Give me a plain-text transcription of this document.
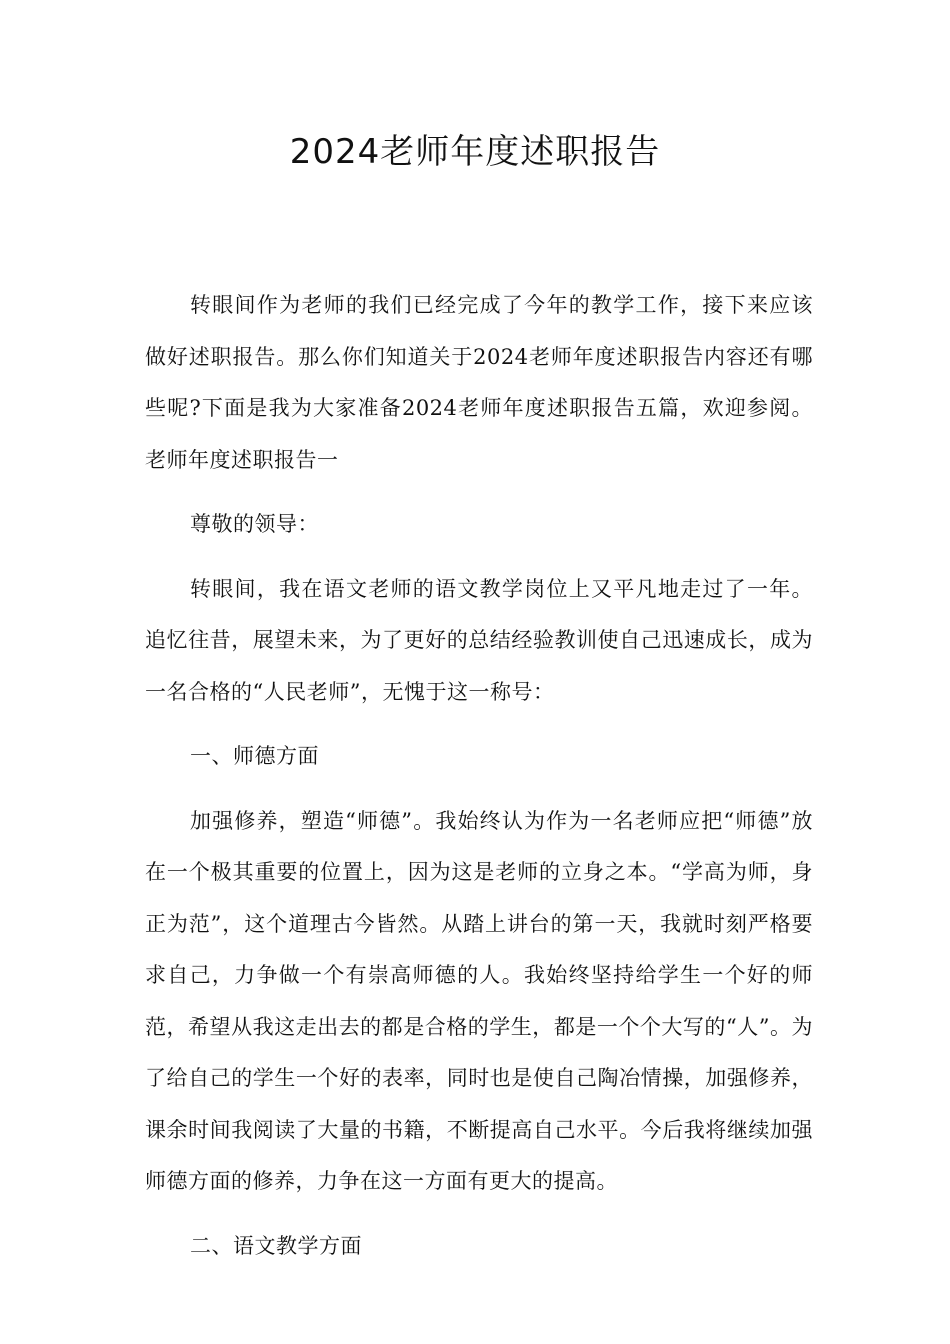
2024老师年度述职报告

转眼间作为老师的我们已经完成了今年的教学工作，接下来应该做好述职报告。那么你们知道关于2024老师年度述职报告内容还有哪些呢?下面是我为大家准备2024老师年度述职报告五篇，欢迎参阅。老师年度述职报告一

尊敬的领导：

转眼间，我在语文老师的语文教学岗位上又平凡地走过了一年。追忆往昔，展望未来，为了更好的总结经验教训使自己迅速成长，成为一名合格的“人民老师”，无愧于这一称号：

一、师德方面

加强修养，塑造“师德”。我始终认为作为一名老师应把“师德”放在一个极其重要的位置上，因为这是老师的立身之本。“学高为师，身正为范”，这个道理古今皆然。从踏上讲台的第一天，我就时刻严格要求自己，力争做一个有崇高师德的人。我始终坚持给学生一个好的师范，希望从我这走出去的都是合格的学生，都是一个个大写的“人”。为了给自己的学生一个好的表率，同时也是使自己陶冶情操，加强修养，课余时间我阅读了大量的书籍，不断提高自己水平。今后我将继续加强师德方面的修养，力争在这一方面有更大的提高。

二、语文教学方面
